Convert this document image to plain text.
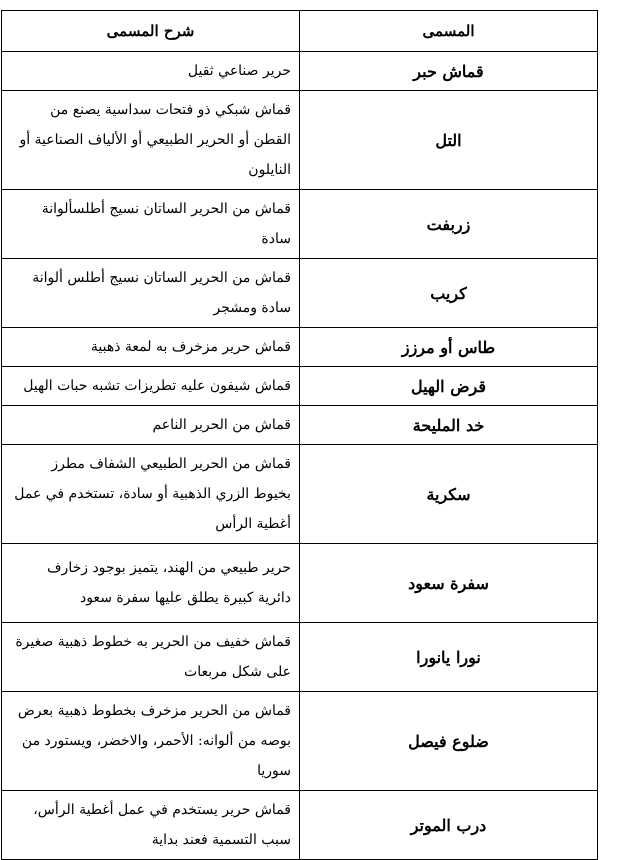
المسمى	شرح المسمى
قماش حبر	حرير صناعي ثقيل
التل	قماش شبكي ذو فتحات سداسية يصنع من القطن أو الحرير الطبيعي أو الألياف الصناعية أو النايلون
زربفت	قماش من الحرير الساتان نسيج أطلسألوانة سادة
كريب	قماش من الحرير الساتان نسيج أطلس ألوانة سادة ومشجر
طاس أو مرزز	قماش حرير مزخرف به لمعة ذهبية
قرض الهيل	قماش شيفون عليه تطريزات تشبه حبات الهيل
خد المليحة	قماش من الحرير الناعم
سكرية	قماش من الحرير الطبيعي الشفاف مطرز بخيوط الزري الذهبية أو سادة، تستخدم في عمل أغطية الرأس
سفرة سعود	حرير طبيعي من الهند، يتميز بوجود زخارف دائرية كبيرة يطلق عليها سفرة سعود
نورا يانورا	قماش خفيف من الحرير به خطوط ذهبية صغيرة على شكل مربعات
ضلوع فيصل	قماش من الحرير مزخرف بخطوط ذهبية بعرض بوصه من ألوانه: الأحمر، والاخضر، ويستورد من سوريا
درب الموتر	قماش حرير يستخدم في عمل أغطية الرأس، سبب التسمية فعند بداية
